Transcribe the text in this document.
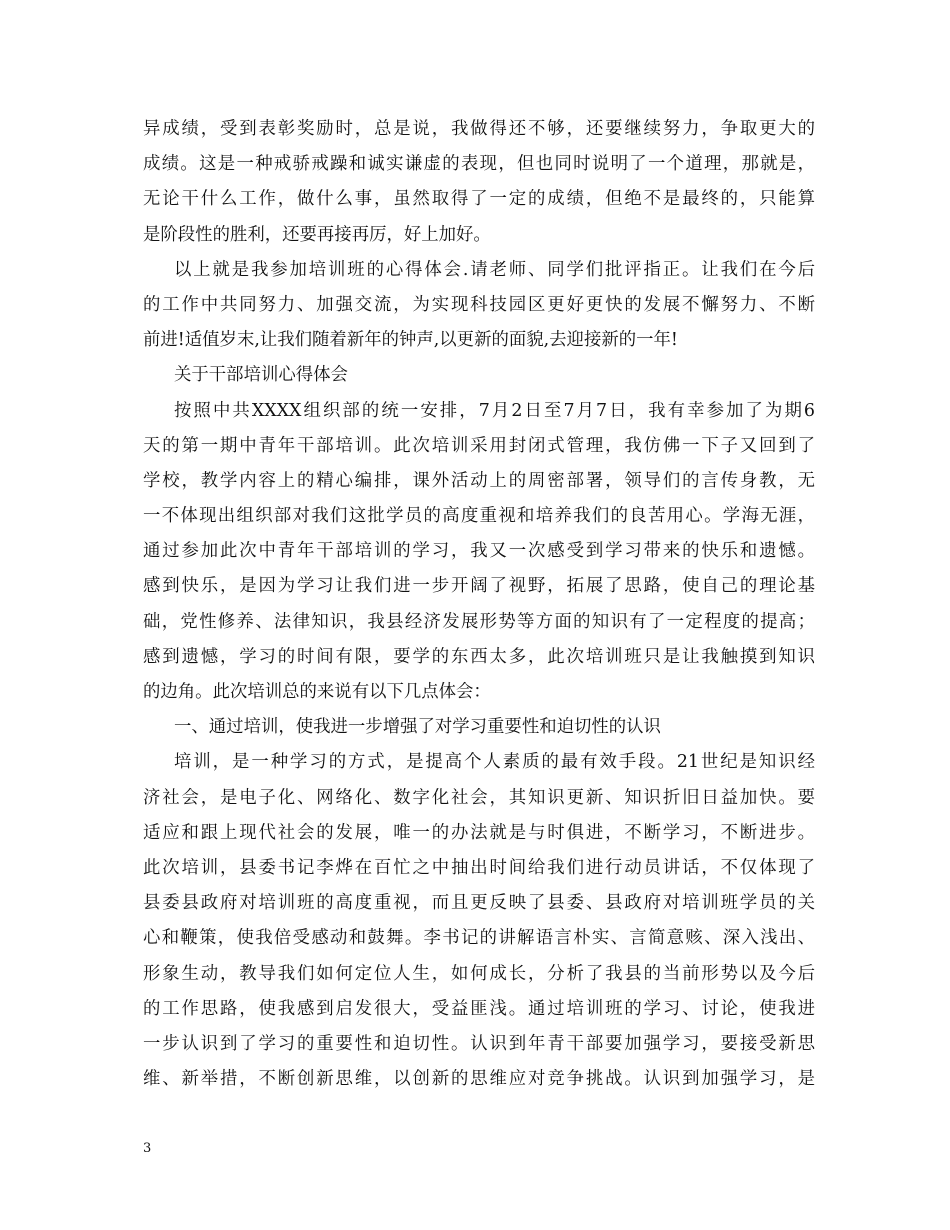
异成绩，受到表彰奖励时，总是说，我做得还不够，还要继续努力，争取更大的
成绩。这是一种戒骄戒躁和诚实谦虚的表现，但也同时说明了一个道理，那就是，
无论干什么工作，做什么事，虽然取得了一定的成绩，但绝不是最终的，只能算
是阶段性的胜利，还要再接再厉，好上加好。
以上就是我参加培训班的心得体会.请老师、同学们批评指正。让我们在今后
的工作中共同努力、加强交流，为实现科技园区更好更快的发展不懈努力、不断
前进!适值岁末,让我们随着新年的钟声,以更新的面貌,去迎接新的一年!
关于干部培训心得体会
按照中共XXXX组织部的统一安排，7月2日至7月7日，我有幸参加了为期6
天的第一期中青年干部培训。此次培训采用封闭式管理，我仿佛一下子又回到了
学校，教学内容上的精心编排，课外活动上的周密部署，领导们的言传身教，无
一不体现出组织部对我们这批学员的高度重视和培养我们的良苦用心。学海无涯，
通过参加此次中青年干部培训的学习，我又一次感受到学习带来的快乐和遗憾。
感到快乐，是因为学习让我们进一步开阔了视野，拓展了思路，使自己的理论基
础，党性修养、法律知识，我县经济发展形势等方面的知识有了一定程度的提高；
感到遗憾，学习的时间有限，要学的东西太多，此次培训班只是让我触摸到知识
的边角。此次培训总的来说有以下几点体会：
一、通过培训，使我进一步增强了对学习重要性和迫切性的认识
培训，是一种学习的方式，是提高个人素质的最有效手段。21世纪是知识经
济社会，是电子化、网络化、数字化社会，其知识更新、知识折旧日益加快。要
适应和跟上现代社会的发展，唯一的办法就是与时俱进，不断学习，不断进步。
此次培训，县委书记李烨在百忙之中抽出时间给我们进行动员讲话，不仅体现了
县委县政府对培训班的高度重视，而且更反映了县委、县政府对培训班学员的关
心和鞭策，使我倍受感动和鼓舞。李书记的讲解语言朴实、言简意赅、深入浅出、
形象生动，教导我们如何定位人生，如何成长，分析了我县的当前形势以及今后
的工作思路，使我感到启发很大，受益匪浅。通过培训班的学习、讨论，使我进
一步认识到了学习的重要性和迫切性。认识到年青干部要加强学习，要接受新思
维、新举措，不断创新思维，以创新的思维应对竞争挑战。认识到加强学习，是
3
